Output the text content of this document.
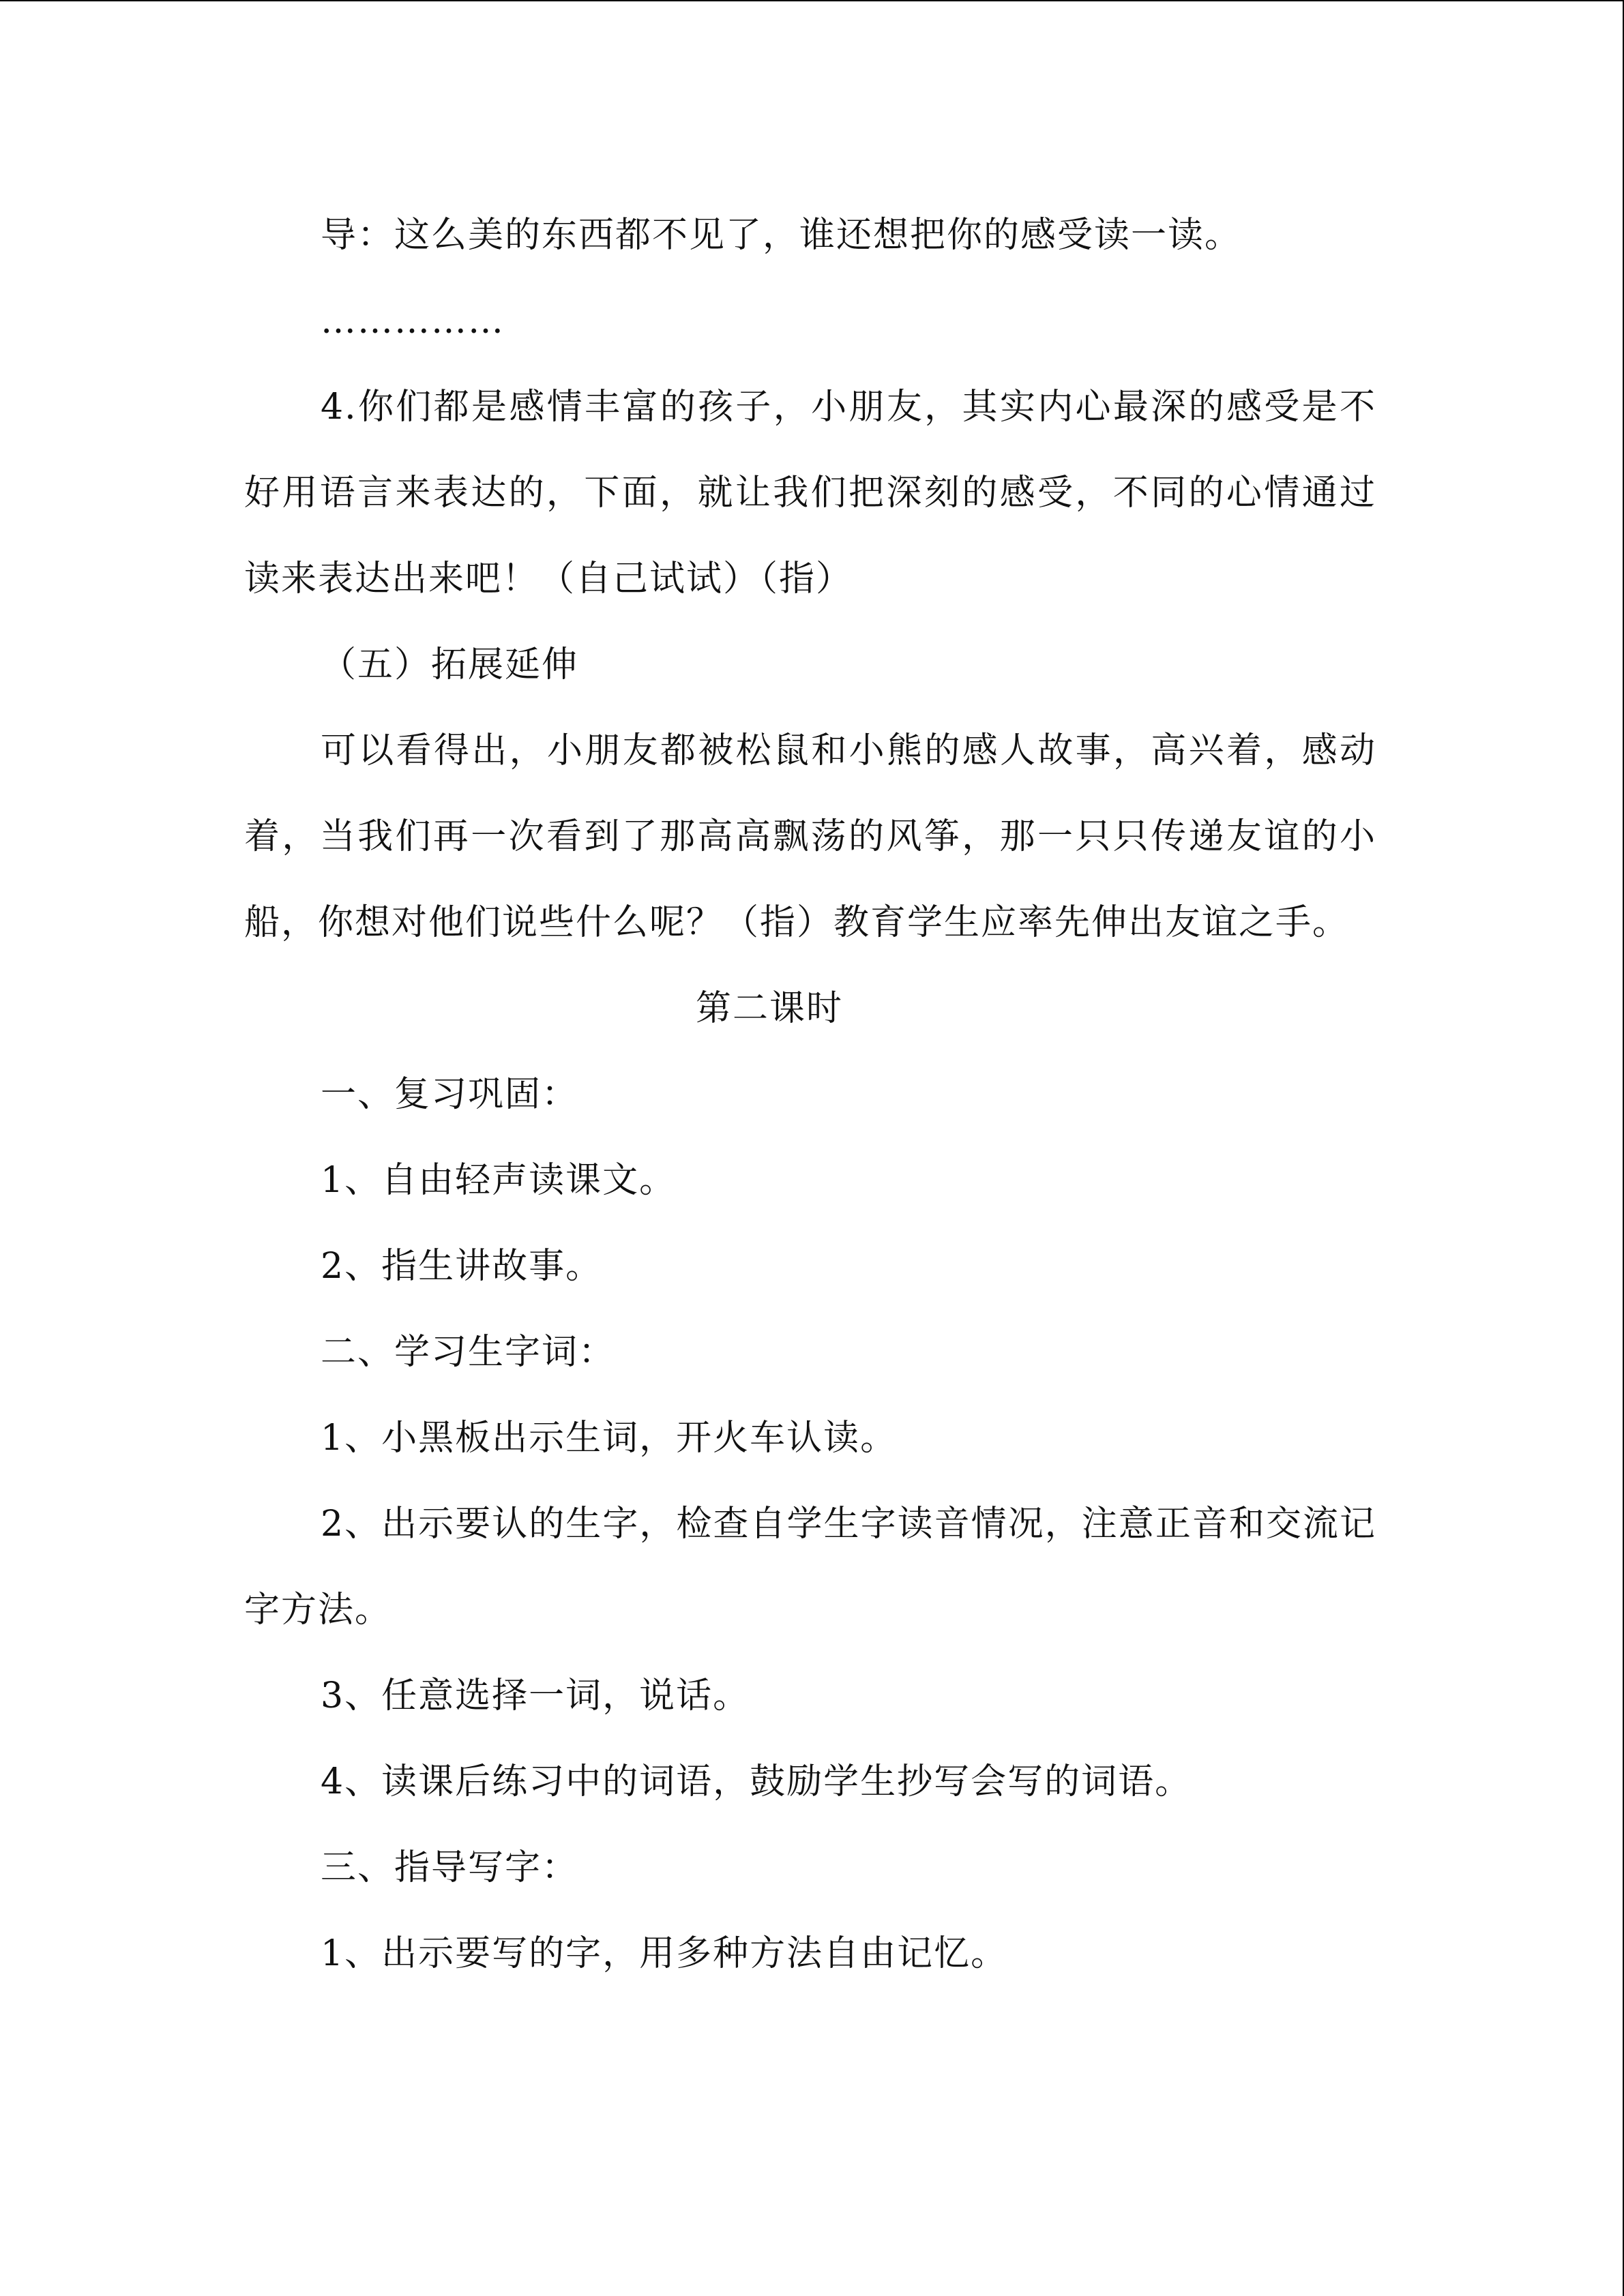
导：这么美的东西都不见了，谁还想把你的感受读一读。
……………
4.你们都是感情丰富的孩子，小朋友，其实内心最深的感受是不好用语言来表达的，下面，就让我们把深刻的感受，不同的心情通过读来表达出来吧！（自己试试）（指）
（五）拓展延伸
可以看得出，小朋友都被松鼠和小熊的感人故事，高兴着，感动着，当我们再一次看到了那高高飘荡的风筝，那一只只传递友谊的小船，你想对他们说些什么呢？（指）教育学生应率先伸出友谊之手。
第二课时
一、复习巩固：
1、自由轻声读课文。
2、指生讲故事。
二、学习生字词：
1、小黑板出示生词，开火车认读。
2、出示要认的生字，检查自学生字读音情况，注意正音和交流记字方法。
3、任意选择一词，说话。
4、读课后练习中的词语，鼓励学生抄写会写的词语。
三、指导写字：
1、出示要写的字，用多种方法自由记忆。
